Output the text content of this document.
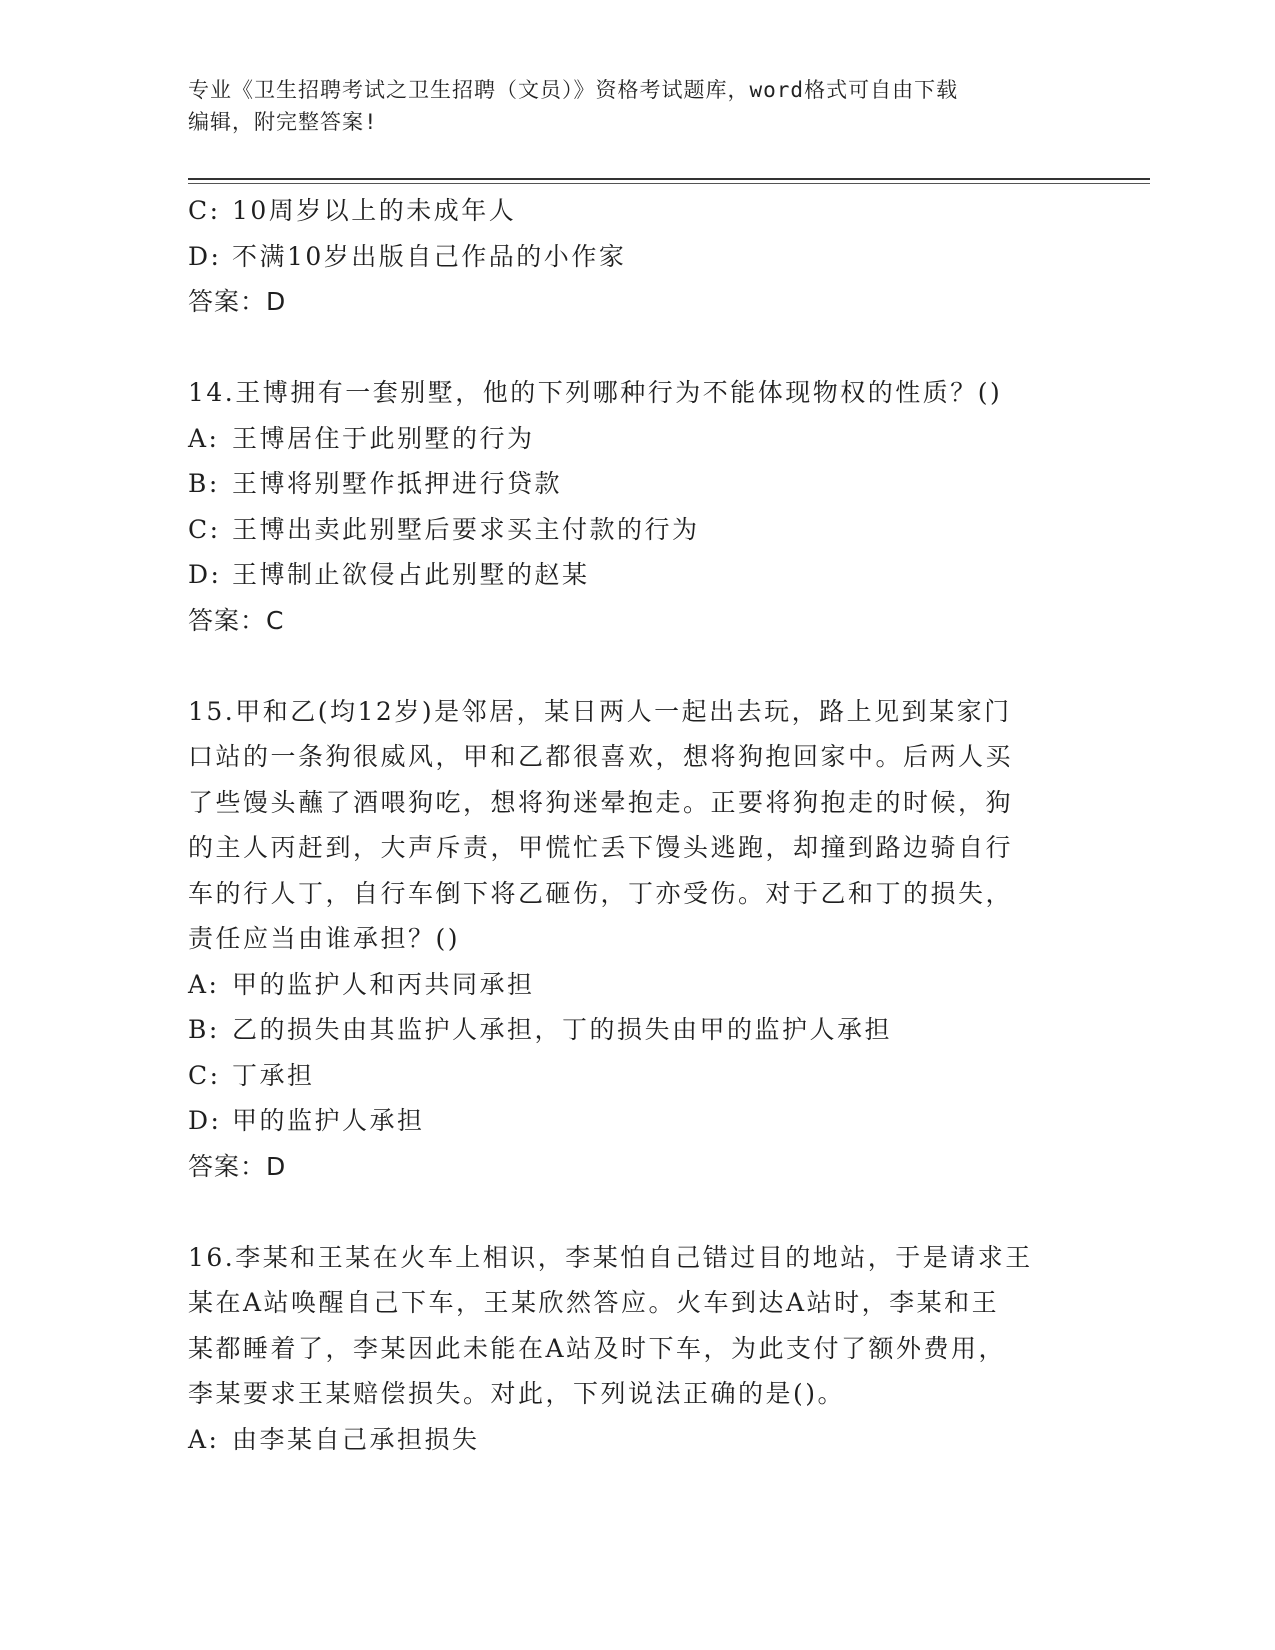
专业《卫生招聘考试之卫生招聘（文员）》资格考试题库，word格式可自由下载
编辑，附完整答案!
C: 10周岁以上的未成年人
D: 不满10岁出版自己作品的小作家
答案：D
14.王博拥有一套别墅，他的下列哪种行为不能体现物权的性质？()
A: 王博居住于此别墅的行为
B: 王博将别墅作抵押进行贷款
C: 王博出卖此别墅后要求买主付款的行为
D: 王博制止欲侵占此别墅的赵某
答案：C
15.甲和乙(均12岁)是邻居，某日两人一起出去玩，路上见到某家门
口站的一条狗很威风，甲和乙都很喜欢，想将狗抱回家中。后两人买
了些馒头蘸了酒喂狗吃，想将狗迷晕抱走。正要将狗抱走的时候，狗
的主人丙赶到，大声斥责，甲慌忙丢下馒头逃跑，却撞到路边骑自行
车的行人丁，自行车倒下将乙砸伤，丁亦受伤。对于乙和丁的损失，
责任应当由谁承担？()
A: 甲的监护人和丙共同承担
B: 乙的损失由其监护人承担，丁的损失由甲的监护人承担
C: 丁承担
D: 甲的监护人承担
答案：D
16.李某和王某在火车上相识，李某怕自己错过目的地站，于是请求王
某在A站唤醒自己下车，王某欣然答应。火车到达A站时，李某和王
某都睡着了，李某因此未能在A站及时下车，为此支付了额外费用，
李某要求王某赔偿损失。对此，下列说法正确的是()。
A: 由李某自己承担损失
